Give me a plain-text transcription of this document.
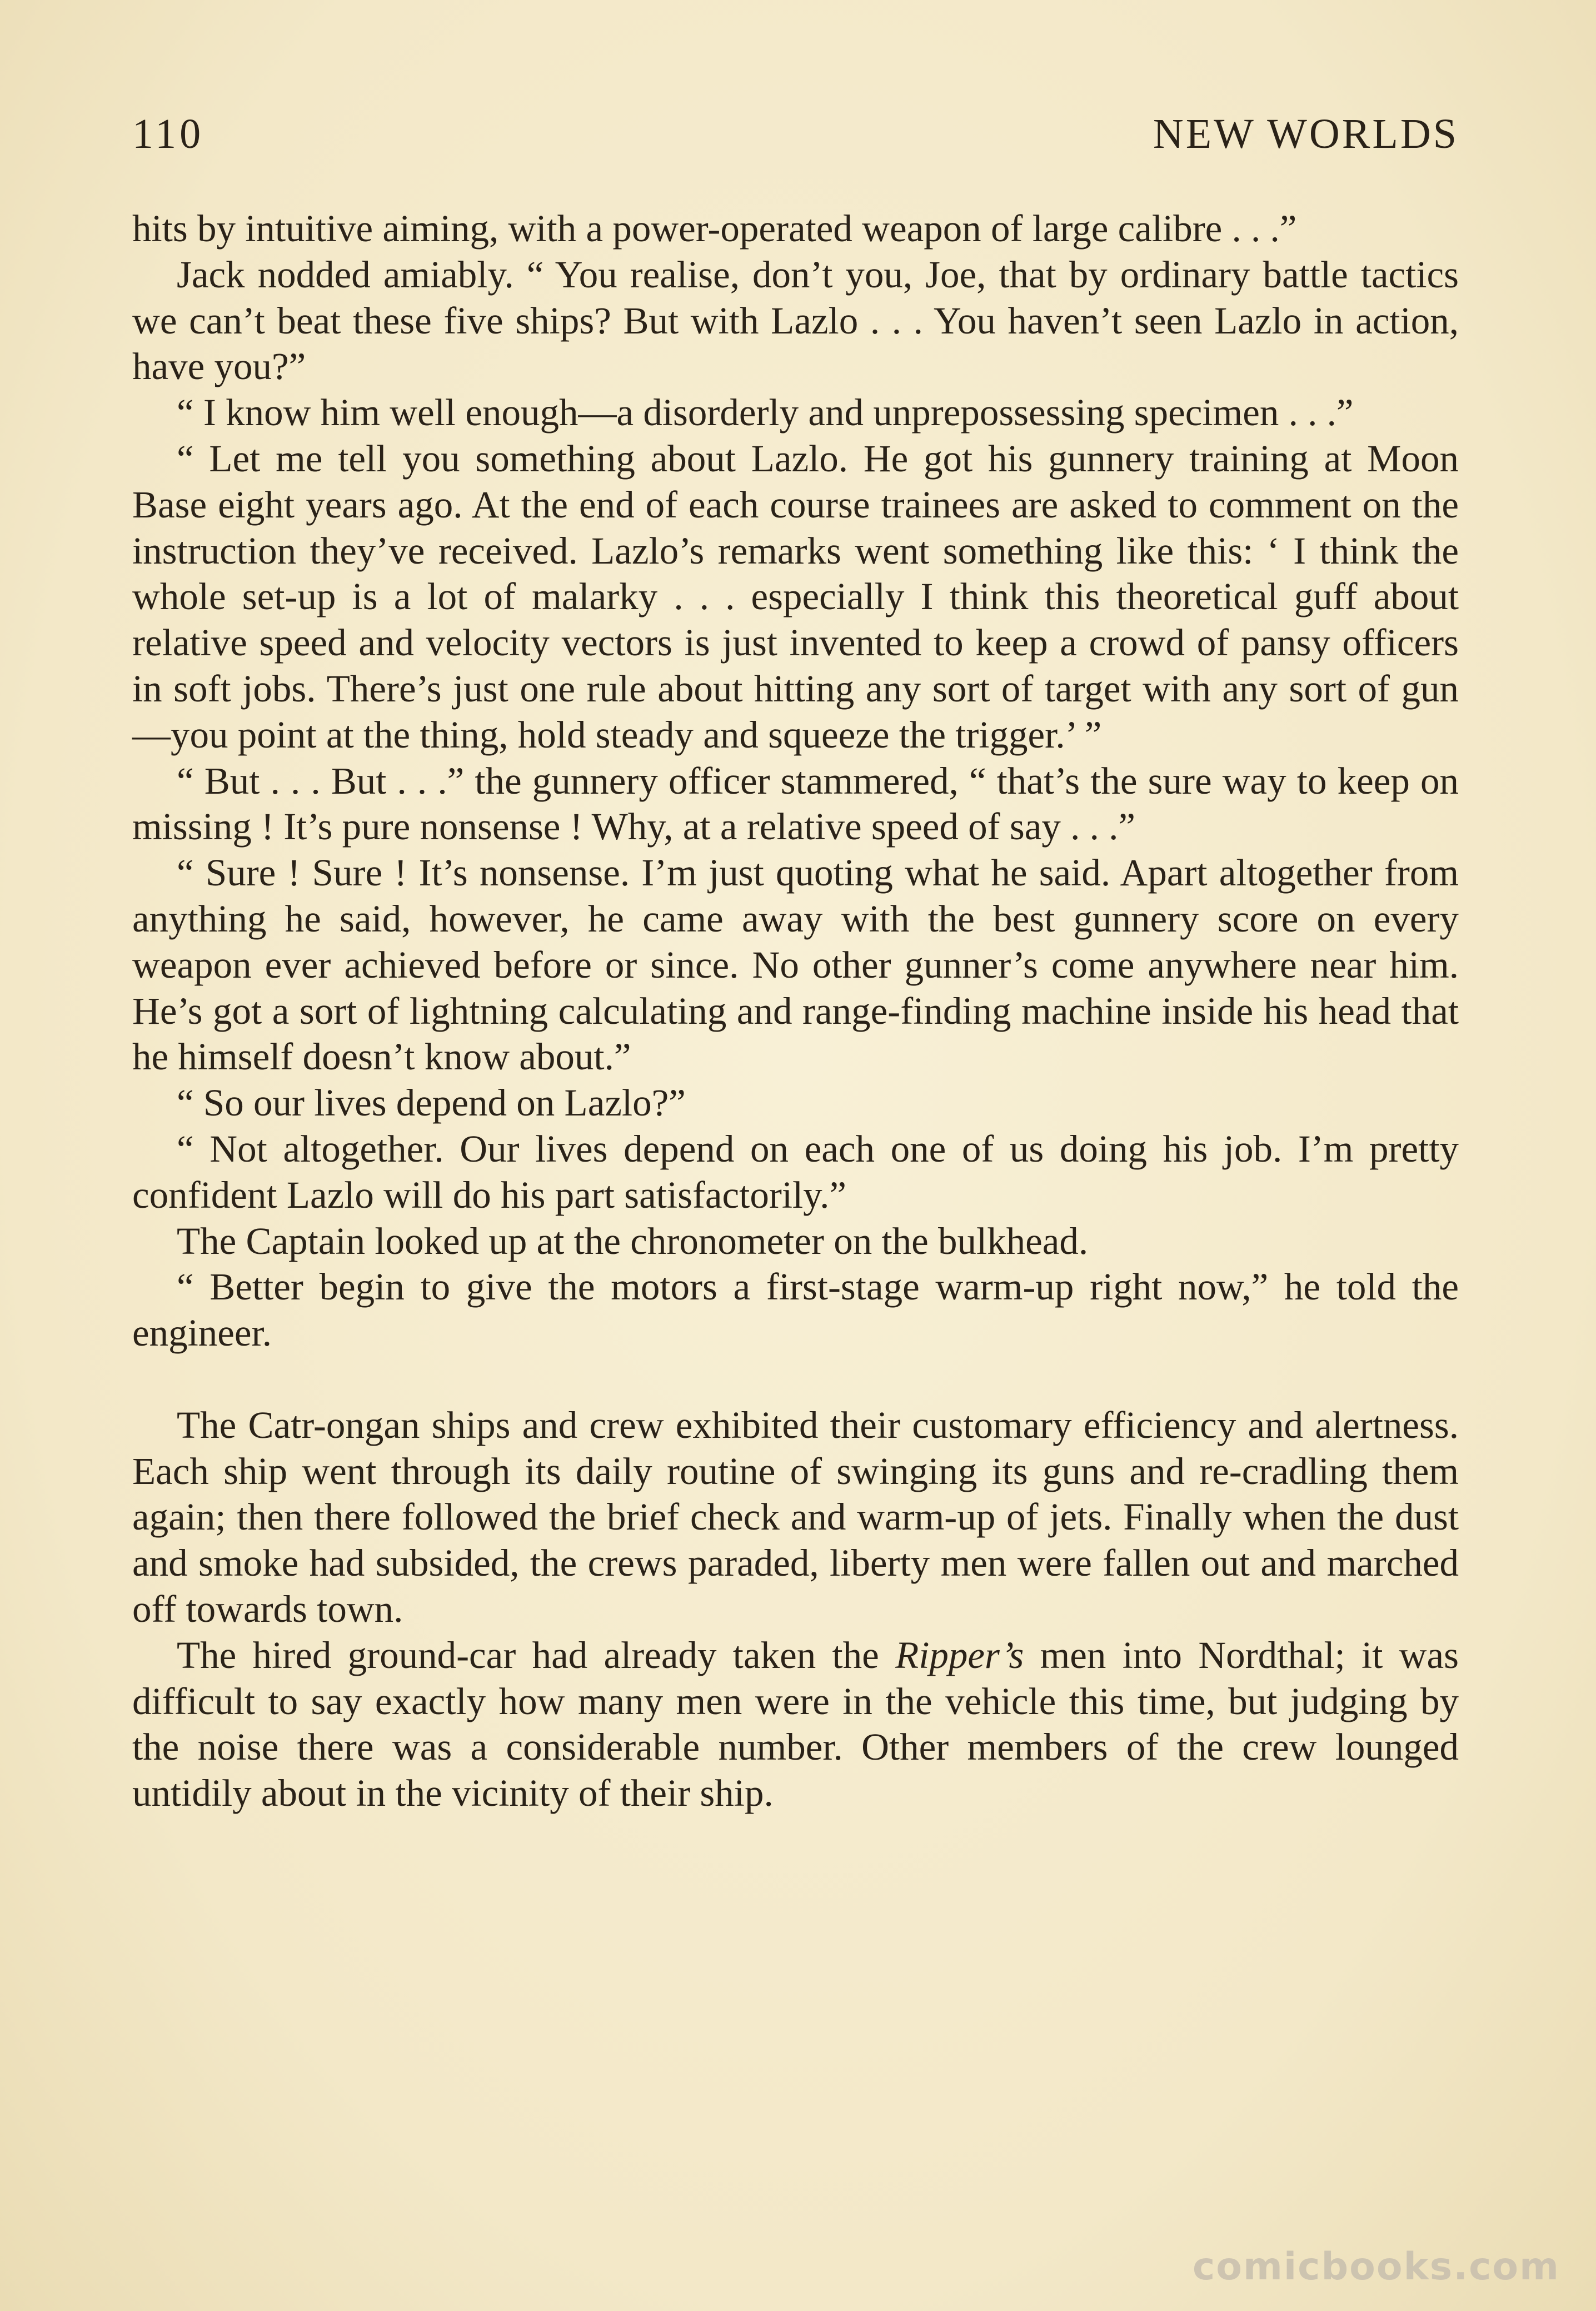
110	NEW WORLDS

hits by intuitive aiming, with a power-operated weapon of large calibre . . .”

Jack nodded amiably. “ You realise, don’t you, Joe, that by ordinary battle tactics we can’t beat these five ships? But with Lazlo . . . You haven’t seen Lazlo in action, have you?”

“ I know him well enough—a disorderly and unprepossessing specimen . . .”

“ Let me tell you something about Lazlo. He got his gunnery training at Moon Base eight years ago. At the end of each course trainees are asked to comment on the instruction they’ve received. Lazlo’s remarks went something like this: ‘ I think the whole set-up is a lot of malarky . . . especially I think this theoretical guff about relative speed and velocity vectors is just invented to keep a crowd of pansy officers in soft jobs. There’s just one rule about hitting any sort of target with any sort of gun—you point at the thing, hold steady and squeeze the trigger.’ ”

“ But . . . But . . .” the gunnery officer stammered, “ that’s the sure way to keep on missing ! It’s pure nonsense ! Why, at a relative speed of say . . .”

“ Sure ! Sure ! It’s nonsense. I’m just quoting what he said. Apart altogether from anything he said, however, he came away with the best gunnery score on every weapon ever achieved before or since. No other gunner’s come anywhere near him. He’s got a sort of lightning calculating and range-finding machine inside his head that he himself doesn’t know about.”

“ So our lives depend on Lazlo?”

“ Not altogether. Our lives depend on each one of us doing his job. I’m pretty confident Lazlo will do his part satisfactorily.”

The Captain looked up at the chronometer on the bulkhead.

“ Better begin to give the motors a first-stage warm-up right now,” he told the engineer.

The Catr-ongan ships and crew exhibited their customary efficiency and alertness. Each ship went through its daily routine of swinging its guns and re-cradling them again; then there followed the brief check and warm-up of jets. Finally when the dust and smoke had subsided, the crews paraded, liberty men were fallen out and marched off towards town.

The hired ground-car had already taken the Ripper’s men into Nordthal; it was difficult to say exactly how many men were in the vehicle this time, but judging by the noise there was a considerable number. Other members of the crew lounged untidily about in the vicinity of their ship.

comicbooks.com
